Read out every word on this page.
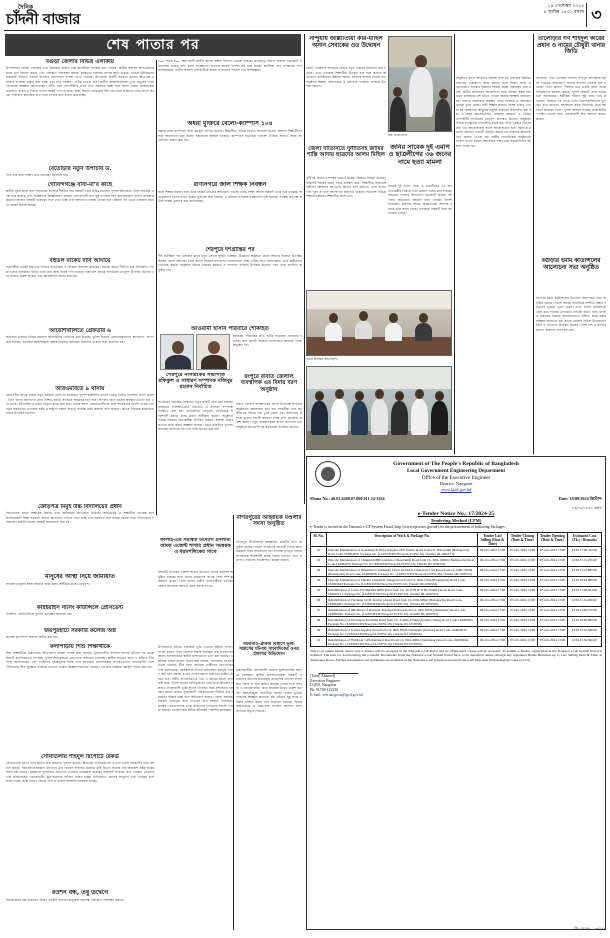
দৈনিক
চাঁদনী বাজার
১৯ সেপ্টেম্বর ২০২৪
৪ আশ্বিন ১৪৩১ বঙ্গাব্দ ৩
শেষ পাতার পর
বগুড়া জেলার বিভিন্ন এলাকায়
উপজেলার বিভিন্ন এলাকায় এবং নিম্নাঞ্চল প্লাবিত হয়ে জনজীবন বিপর্যস্ত হয়ে পড়েছে। স্থানীয় প্রশাসন ক্ষতিগ্রস্তদের মাঝে ত্রাণ বিতরণ করছে এবং পরিস্থিতি পর্যবেক্ষণ করছে। কৃষকদের ফসলের ব্যাপক ক্ষতি হয়েছে। বিভিন্ন ইউনিয়নের রাস্তাঘাট পানিতে তলিয়ে যাওয়ায় যোগাযোগ ব্যবস্থা ভেঙে পড়েছে। উপজেলা নির্বাহী কর্মকর্তা জানান ক্ষতিগ্রস্ত এলাকার তালিকা প্রস্তুত করা হচ্ছে এবং দ্রুত সহায়তা পৌঁছে দেওয়া হবে। স্থানীয় জনপ্রতিনিধিরা দুর্গত মানুষের পাশে দাঁড়ানোর আহ্বান জানিয়েছেন। নদীর পানি বিপদসীমার ওপর দিয়ে প্রবাহিত হচ্ছে বলে জানা গেছে। আশ্রয়কেন্দ্রগুলোতে খাবার ও বিশুদ্ধ পানির সংকট দেখা দিয়েছে। স্বাস্থ্য বিভাগ মেডিকেল টিম গঠন করে চিকিৎসা সেবা প্রদান করছে। পরিস্থিতি স্বাভাবিক হতে সময় লাগবে বলে ধারণা করা হচ্ছে।
বেতোড়ার নতুন উপাচার্য ড.
পরে তার সঙ্গে সাক্ষাৎ করে শুভেচ্ছা জানানো হয়।
গোবিন্দগঞ্জে বাবা-মা’র কাছে
স্থানীয় সূত্রে জানা যায় পরিবারের সদস্যরা দীর্ঘদিন ধরে বিষয়টি নিয়ে উদ্বিগ্ন ছিলেন। পুলিশ ঘটনাস্থলে গিয়ে প্রাথমিক তদন্ত শুরু করেছে এবং সংশ্লিষ্টদের জিজ্ঞাসাবাদ করছে। এলাকাবাসী দ্রুত সুষ্ঠু তদন্তের দাবি জানিয়েছেন। থানার ভারপ্রাপ্ত কর্মকর্তা জানান বিষয়টি গুরুত্বের সঙ্গে দেখা হচ্ছে এবং আইনগত ব্যবস্থা নেওয়া হবে। ঘটনার পর থেকে এলাকায় থমথমে অবস্থা বিরাজ করছে।
বহুতল মার্কেট দাবি আদায়ে
ব্যবসায়ীরা মার্কেট নির্মাণের দাবিতে মানববন্ধন ও বিক্ষোভ সমাবেশ করেছেন। বক্তারা বলেন দীর্ঘদিন ধরে প্রতিশ্রুতি দেওয়া হলেও বাস্তবায়ন হয়নি। তারা দ্রুত কাজ শুরুর দাবি জানান। সমাবেশে বিভিন্ন সংগঠনের নেতৃবৃন্দ উপস্থিত ছিলেন এবং সংহতি প্রকাশ করেন। পরে স্মারকলিপি প্রদান করা হয়।
আয়েশিখালিতে গ্রেফতার ৬
অভিযান চালিয়ে বিভিন্ন মামলার আসামিদের গ্রেফতার করা হয়েছে। পুলিশ জানায় গ্রেফতারকৃতদের আদালতে সোপর্দ করা হয়েছে। এলাকায় আইনশৃঙ্খলা রক্ষায় নিয়মিত অভিযান অব্যাহত থাকবে বলে জানানো হয়।
আরএমবিতে ৯ থানায়
মহানগরীর বিভিন্ন থানায় নতুন কর্মকর্তা যোগদান করেছেন। পুলিশ কমিশনার তাদের দায়িত্ব পালনে নির্দেশনা প্রদান করেন। তিনি বলেন জনগণের সেবা নিশ্চিত করতে সবাইকে আন্তরিক হতে হবে। অপরাধ দমনে কঠোর অবস্থান নেওয়া হবে এবং মাদক, চাঁদাবাজি ও সন্ত্রাস নির্মূলে কাজ করা হবে। থানায় আসা সেবাপ্রত্যাশীদের সঙ্গে সদাচরণের নির্দেশ দেওয়া হয়। নতুন কর্মকর্তারা এলাকার শান্তি ও শৃঙ্খলা বজায় রাখতে সর্বোচ্চ চেষ্টা করবেন বলে জানান। বিভিন্ন পর্যায়ের কর্মকর্তারা সভায় উপস্থিত ছিলেন।
ক্রোড়পত্র মিমুই উচ্চ বিদ্যালয়ের প্রধান
বিদ্যালয়ের প্রধান শিক্ষকের বিরুদ্ধে নানা অনিয়মের অভিযোগ উঠেছে। অভিভাবক ও শিক্ষার্থীরা তদন্তের দাবি জানিয়েছেন। শিক্ষা কর্মকর্তা জানান অভিযোগ খতিয়ে দেখা হচ্ছে এবং প্রমাণিত হলে ব্যবস্থা নেওয়া হবে। বিদ্যালয়ের পরিচালনা কমিটির সভায় বিষয়টি আলোচনা করা হয়।
মানুষের আস্থা নিয়ে জামায়াত
সাধারণ মানুষের আস্থা অর্জনে কাজ করার অঙ্গীকার করেন নেতৃবৃন্দ।
কাইইয়াইস নার্সিং কাউন্সিলে প্রেসিডেন্ট
নির্বাচিত প্রেসিডেন্টকে ফুলেল শুভেচ্ছা জানানো হয়।
জয়পুরহাটে সরকারি কলেজ অস্ত্র
কলেজ ক্যাম্পাসে অস্ত্রসহ আটক করা হয়।
কলাপাড়ায় শিশু শিক্ষার্থীকে
শিশু শিক্ষার্থীকে নির্যাতনের অভিযোগে মামলা দায়ের করা হয়েছে। ভুক্তভোগীর পরিবার জানায় ঘটনার পর থেকে শিশুটি মানসিকভাবে বিপর্যস্ত। পুলিশ অভিযুক্তকে গ্রেফতারে অভিযান চালাচ্ছে। স্থানীয় সচেতন মহল এ ঘটনার তীব্র নিন্দা জানিয়েছেন এবং দোষীদের দৃষ্টান্তমূলক শাস্তি দাবি করেছেন। মানবাধিকার সংগঠনগুলো পরিবারটির পাশে দাঁড়িয়েছে। শিশু সুরক্ষায় সবাইকে সচেতন হওয়ার আহ্বান জানানো হয়েছে। এলাকায় বিক্ষোভ কর্মসূচি পালন করা হয়।
সোনাতলায় শহিদুল রিপোর্টে রেকর্ড
সোনাতলায় বন্যার পানি কমতে শুরু করলেও দুর্ভোগ কমেনি। ক্ষতিগ্রস্ত পরিবারগুলো এখনো খোলা আকাশের নিচে বসবাস করছে। সরকারি-বেসরকারি উদ্যোগে ত্রাণ বিতরণ অব্যাহত রয়েছে। কৃষি বিভাগ জানায় প্রায় কয়েকশ হেক্টর জমির ফসল নষ্ট হয়েছে। কৃষকদের পুনর্বাসনে প্রণোদনা দেওয়ার পরিকল্পনা রয়েছে। রাস্তাঘাট সংস্কারে দ্রুত পদক্ষেপ নেওয়ার দাবি জানিয়েছেন এলাকাবাসী। স্কুল-কলেজে পাঠদান ব্যাহত হচ্ছে। পানিবাহিত রোগের প্রাদুর্ভাব দেখা দিয়েছে বলে জানা গেছে। স্বাস্থ্য বিভাগ বিশুদ্ধ পানি ও খাবার স্যালাইন সরবরাহ করছে।
রওশন বন্ধ, তবু উদ্বেগে
বিভিন্ন স্থানে বন্ধ থাকলেও উদ্বেগ কাটেনি সাধারণ মানুষের। কর্তৃপক্ষ পরিস্থিতি পর্যবেক্ষণ করছে।
৬০০ থেকে ৪০০ বছর বয়সী প্রাচীন স্থাপনা রক্ষায় উদ্যোগ নেওয়া হয়েছে। প্রত্নতত্ত্ব বিভাগ জানায় এলাকাটি ঐতিহাসিক গুরুত্ব বহন করে। সংরক্ষণের অভাবে অনেক নিদর্শন নষ্ট হয়ে যাচ্ছে। স্থানীয়রা দ্রুত সংস্কারের দাবি জানিয়েছেন। পর্যটন বিকাশে এলাকাটিকে কাজে লাগানোর পরামর্শ দেন বিশেষজ্ঞরা।
অধরা মুক্তিরে বেলো-ক্যাম্পাস ১০৪
বিশ্ববিদ্যালয় ক্যাম্পাসে নানা কর্মসূচি পালিত হয়েছে। শিক্ষার্থীরা বিভিন্ন দাবিতে সমাবেশ করেন। প্রশাসন শিক্ষার্থীদের সঙ্গে আলোচনা করে সমস্যা সমাধানের আশ্বাস দিয়েছে। ক্যাম্পাসে স্বাভাবিক পরিবেশ ফিরিয়ে আনতে সবার সহযোগিতা কামনা করা হয়।
রাণীনগরে জাল শিক্ষক নিবন্ধন
জাল শিক্ষক নিবন্ধন সনদ দিয়ে চাকরি নেওয়ার অভিযোগ পাওয়া গেছে। শিক্ষা অফিস বিষয়টি তদন্ত শুরু করেছে। অভিযুক্তদের বেতন-ভাতা বন্ধের সুপারিশ করা হয়েছে। এ ঘটনায় এলাকায় চাঞ্চল্যের সৃষ্টি হয়েছে। সংশ্লিষ্ট কর্তৃপক্ষ কঠোর ব্যবস্থা গ্রহণের কথা জানিয়েছে।
শেরপুরে দশগ্রাস্তির পর
দীর্ঘ প্রতীক্ষার পর এলাকার মানুষ নতুন সেবার সুবিধা পাচ্ছেন। উদ্বোধন অনুষ্ঠানে প্রধান অতিথি হিসেবে উপস্থিত ছিলেন জেলা প্রশাসক। তিনি বলেন সরকার জনগণের দোরগোড়ায় সেবা পৌঁছে দিতে বদ্ধপরিকর। এতে স্থানীয়দের ভোগান্তি কমবে। অনুষ্ঠানে বিভিন্ন দপ্তরের কর্মকর্তা ও গণ্যমান্য ব্যক্তিরা উপস্থিত ছিলেন। পরে দোয়া মাহফিল অনুষ্ঠিত হয়।
আওয়ামী হাসান পরিবারে শোকাহত
মরহুমের পরিবারের প্রতি গভীর সমবেদনা জানানো হয়েছে। তার বিদেহী আত্মার মাগফেরাত কামনায় দোয়া অনুষ্ঠিত হয়।
শেরপুরে নাগরিকের সভাপতি রফিকুল ও সাধারণ সম্পাদক নজিবুর রহমান নির্বাচিত
সংগঠনের দ্বিবার্ষিক সম্মেলনে নতুন কমিটি গঠন করা হয়েছে। সম্মেলনে সর্বসম্মতিক্রমে সভাপতি ও সাধারণ সম্পাদক নির্বাচিত করা হয়। নবনির্বাচিত নেতৃবৃন্দ সংগঠনকে শক্তিশালী করতে কাজ করার অঙ্গীকার করেন। অনুষ্ঠানে বিভিন্ন পর্যায়ের নেতাকর্মীরা উপস্থিত ছিলেন। বক্তারা ঐক্যবদ্ধভাবে কাজ করার আহ্বান জানান। নতুন কমিটিকে ফুলেল শুভেচ্ছা জানানো হয় এবং মিষ্টি বিতরণ করা হয়।
কালাই-এর সমন্বিত উদ্যোগ ইসলামী ব্যাংক এজেন্ট শাখার প্রধান সমন্বয়ক ও ধরমপলিকের সাথে
ইসলামী ব্যাংকের এজেন্ট শাখার উদ্যোগে গ্রাহক সমাবেশ অনুষ্ঠিত হয়েছে। শাখা প্রধান গ্রাহকদের বিভিন্ন সেবা সম্পর্কে অবহিত করেন। তিনি বলেন গ্রামীণ জনগোষ্ঠীকে ব্যাংকিং সেবার আওতায় আনতে কাজ করছে ব্যাংক।
রংপুরে রাবাত জেলাল ব্যবস্থাপক এর বিদায় বরণ অনুষ্ঠান
রাবাত জেলার ব্যবস্থাপকের বিদায় উপলক্ষে সংবর্ধনা অনুষ্ঠানের আয়োজন করা হয়। সহকর্মীরা তার কর্মজীবনের বিভিন্ন দিক তুলে ধরেন এবং অবদানের প্রশংসা করেন। বিদায়ী কর্মকর্তা সবার প্রতি কৃতজ্ঞতা প্রকাশ করেন। নতুন ব্যবস্থাপককে স্বাগত জানানো হয়। অনুষ্ঠানে বিভিন্ন শাখার কর্মকর্তারা উপস্থিত ছিলেন।
নাগরপুরের আহ্বায়ক মণ্ডলীর সদস্য অনুষ্ঠিত
নাগরপুর উপজেলায় আহ্বায়ক কমিটির সভা অনুষ্ঠিত হয়েছে। সভায় সংগঠনের আগামী দিনের কর্মপরিকল্পনা নিয়ে আলোচনা হয়। সদস্যরা তৃণমূল পর্যায়ে সংগঠনকে শক্তিশালী করার বিষয়ে মতামত দেন। সভাপতি সকলের সহযোগিতা কামনা করেন।
গফরগাঁও-ব্লাকমি বিশ্বাসে ভূমি-সন্ত্রাসের ঘটনায় সাংবাদিকের ওপর হামলার অভিযোগ
উপজেলার বিভিন্ন এলাকায় ভূমি দখলের ঘটনায় সংবাদ সংগ্রহ করতে গিয়ে হামলার শিকার হয়েছেন এক সাংবাদিক। আহত সাংবাদিককে স্থানীয় হাসপাতালে ভর্তি করা হয়েছে। এ ঘটনায় থানায় মামলা দায়ের করা হয়েছে। সাংবাদিক সংগঠনগুলো হামলার তীব্র নিন্দা জানিয়ে দোষীদের গ্রেফতারের দাবি জানিয়েছে। প্রেসক্লাবের সামনে মানববন্ধন কর্মসূচি পালন করা হয়। বক্তারা বলেন সাংবাদিকদের নিরাপত্তা নিশ্চিত করতে হবে। স্বাধীন সাংবাদিকতার পথে এ ধরনের হামলা বাধা সৃষ্টি করে। পুলিশ জানায় অভিযুক্তদের গ্রেফতারে অভিযান চলছে। এলাকাবাসী ভূমিদস্যুদের দৌরাত্ম্য বন্ধে প্রশাসনের হস্তক্ষেপ কামনা করেন। ভুক্তভোগী পরিবারগুলো দীর্ঘদিন ধরে হয়রানির শিকার হচ্ছে বলে অভিযোগ রয়েছে। জেলা প্রশাসক বিষয়টি গুরুত্বের সঙ্গে দেখবেন বলে আশ্বাস দিয়েছেন। সংশ্লিষ্ট দপ্তরগুলোকে তদন্ত প্রতিবেদন দাখিলের নির্দেশ দেওয়া হয়েছে। মানবাধিকার কর্মীরা ঘটনাস্থল পরিদর্শন করেছেন।
হামলাকারীরা প্রভাবশালী হওয়ায় ভুক্তভোগীরা আতঙ্কে রয়েছেন। স্থানীয় জনপ্রতিনিধিরা বিষয়টি সমাধানের উদ্যোগ নিয়েছেন। সাংবাদিক নেতারা বলেন দ্রুত বিচার না হলে কঠোর কর্মসূচি দেওয়া হবে। সম্প্রতি এ ধরনের ঘটনা বেড়ে যাওয়ায় উদ্বেগ প্রকাশ করা হয়। আইনশৃঙ্খলা বাহিনীকে আরও সক্রিয় ভূমিকা পালনের আহ্বান জানানো হয়। ঘটনার সুষ্ঠু তদন্ত ও বিচার নিশ্চিত করার দাবি জানানো হয়েছে। বিভিন্ন রাজনৈতিক ও সামাজিক সংগঠন হামলার নিন্দা জানিয়ে বিবৃতি দিয়েছে।
নান্দুয়ায় জাল্লাত্যিয়া কার-মাহিল অসান সেবাকের ওড উদ্বোধন
জেলা পরিষদের অর্থায়নে নির্মিত নতুন ভবনের উদ্বোধন করা হয়েছে। এতে এলাকার শিক্ষার্থীরা উপকৃত হবে বলে জানান অতিথিরা। প্রতিষ্ঠানের উন্নয়নে আরও বরাদ্দের আশ্বাস দেওয়া হয়। অনুষ্ঠানে শিক্ষক, অভিভাবক ও এলাকার গণ্যমান্য ব্যক্তিরা উপস্থিত ছিলেন।
জেলা বাতিনিতে দুর্নীতিসহ জামির শাস্তি আদায় ছাত্রদের আলম মিছিল
দুর্নীতির বিচার ও শাস্তির দাবিতে ছাত্ররা বিক্ষোভ মিছিল করেছে। মিছিলটি শহরের প্রধান সড়ক প্রদক্ষিণ করে। শিক্ষার্থীরা অবিলম্বে দায়ীদের আইনের আওতায় আনার দাবি জানান। তারা বলেন দাবি পূরণ না হলে আন্দোলন অব্যাহত থাকবে। সমাবেশে বিভিন্ন শিক্ষাপ্রতিষ্ঠানের শিক্ষার্থীরা অংশ নেন।
ছবি: সংবাদদাতা
জনির সাবেক দুই এমপি ও ছাত্রলীগের ৩৬ জনের নামে হত্যা মামলা
সাবেক দুই সংসদ সদস্য ও ছাত্রলীগের ৩৬ জন নেতাকর্মীর বিরুদ্ধে হত্যা মামলা দায়ের করা হয়েছে। নিহতের পরিবার আদালতে মামলাটি করেন। আদালত অভিযোগ আমলে নিয়ে তদন্তের নির্দেশ দিয়েছেন। মামলায় আরও অজ্ঞাতনামা আসামি রয়েছে বলে জানা গেছে। এলাকায় বিষয়টি নিয়ে আলোচনা চলছে।
সভায় উপস্থিত অতিথিবৃন্দ।
তালোড়ার গণ শহিদুল কারের প্রধান ও নামের চৌধুরী থানার জিডি
তালোড়া পৌর এলাকার বাসিন্দা শহিদুল ইসলামকে হুমকি দেওয়ার অভিযোগে থানায় সাধারণ ডায়েরি করা হয়েছে। তিনি জানান দীর্ঘদিন ধরে একটি মহল তাকে বিভিন্নভাবে হয়রানি করছে। পুলিশ বিষয়টি তদন্ত করছে বলে জানিয়েছে। স্থানীয়রা ঘটনার সুষ্ঠু তদন্ত দাবি করেছেন। জিডির পর থেকে তিনি নিরাপত্তাহীনতায় ভুগছেন বলে জানান। প্রশাসনের কাছে নিরাপত্তা চেয়ে আবেদন করেছেন তিনি। পুলিশ আশ্বাস দিয়েছে প্রয়োজনীয় পদক্ষেপ নেওয়া হবে। এলাকাবাসী দ্রুত সমাধান কামনা করেন।
বগুড়ার ইমাম কাউন্সিলের আলোচনা সভা অনুষ্ঠিত
বগুড়ায় ইমাম কাউন্সিলের উদ্যোগে আলোচনা সভা অনুষ্ঠিত হয়েছে। সভায় বক্তারা সামাজিক সম্প্রীতি রক্ষায় ইমামদের ভূমিকা তুলে ধরেন। তারা বলেন মসজিদকে কেন্দ্র করে সমাজে নৈতিকতা প্রতিষ্ঠা করতে হবে। মাদক ও সন্ত্রাসের বিরুদ্ধে জনসচেতনতা সৃষ্টিতে কাজ করার আহ্বান জানানো হয়। সভায় জেলার বিভিন্ন উপজেলার ইমাম ও খতিবগণ উপস্থিত ছিলেন। শেষে দেশ ও জাতির কল্যাণ কামনায় দোয়া করা হয়।
অনুষ্ঠানে প্রধান অতিথির বক্তব্যে বলা হয় এলাকার উন্নয়নে সকলকে একযোগে কাজ করতে হবে। শিক্ষা, স্বাস্থ্য ও যোগাযোগ ব্যবস্থার উন্নয়নে বিভিন্ন প্রকল্প বাস্তবায়ন করা হচ্ছে। স্থানীয় জনগণের সহযোগিতা ছাড়া উন্নয়ন সম্ভব নয়। তরুণ প্রজন্মকে দেশ গঠনে এগিয়ে আসার আহ্বান জানানো হয়। বক্তারা সামাজিক অবক্ষয় রোধে পরিবার ও সমাজের ভূমিকা তুলে ধরেন। নারী শিক্ষার প্রসারে বিশেষ গুরুত্ব দেওয়া হয়। কৃষকদের আধুনিক প্রযুক্তি ব্যবহারে উৎসাহিত করা হয়। এ সময় জনপ্রতিনিধি, সরকারি কর্মকর্তা ও বিভিন্ন পেশাজীবী সংগঠনের নেতৃবৃন্দ উপস্থিত ছিলেন। অনুষ্ঠানে বিভিন্ন সাংস্কৃতিক পরিবেশনা মঞ্চস্থ হয়। শেষে পুরস্কার বিতরণ করা হয়। আয়োজকরা সফল আয়োজনের জন্য সকলকে ধন্যবাদ জানান। পরবর্তী কর্মসূচি আরও বড় পরিসরে আয়োজনের ঘোষণা দেওয়া হয়। স্থানীয় সাংবাদিকরা অনুষ্ঠানের সংবাদ সংগ্রহ করেন। প্রশাসনের পক্ষ থেকে সহযোগিতার আশ্বাস দেওয়া হয়।
Government of The People's Republic of Bangladesh
Local Government Engineering Department
Office of the Executive Engineer
District: Naogaon
www.lged.gov.bd
Memo No.: 46.02.6400.07.000.011.24-3264	Date: 18/09/2024 খ্রিস্টাব্দ
০৩/০৬/১৪৩১ বঙ্গাব্দ
e-Tender Notice No.: 17/2024-25
Tendering Method (LTM)
e-Tender is invited in the National e-GP System Portal (http://www.eprocure.gov.bd) for the procurement of following Packages :
Sl. No.	Description of Work & Package No.	Tender Last Selling (Date & Time)	Tender Closing (Date & Time)	Tender Opening (Date & Time)	Estimated Cost (Tk.) / Remarks
01	Periodic Maintenance of Kodomgachi Haga-Panghat GPS-Sarkari Road from Ch. 00m-450m (Badalgachi) Road Code-164064079. Package No. (LGED/D/DS/Naog/24-25/PW-16). (Tender ID-1056573).	06-Oct-2024 17:00	07-Oct-2024 13:00	07-Oct-2024 13:00	LTM 17,99,352.00
02	Periodic Maintenance of Chakmil RHD-Gomhata Chhoolakhla Road from Ch. 00m-1800m (Badalgachi) Road Code-164064079 Package No. (LGED/D/DS/Naog/24-25/PW-16). (Tender ID-1056554).	06-Oct-2024 17:00	07-Oct-2024 13:00	07-Oct-2024 13:00	LTM 31,15,256.00
03	Periodic Maintenance of Balahhara Community Clinic-Kolaidan Chaibatari Coat Road from Ch. 00m-1300m (Badalgachi) Road Code-164064008. Package No. (LGED/D/DS/Naog/24-25/PW-16). (Tender ID-1056553).	06-Oct-2024 17:00	07-Oct-2024 13:00	07-Oct-2024 13:00	LTM 13,91,980.00
04	Periodic Maintenance of Dhokla Chaparkal Village Road from Ch. 00m-750m (Badalgachi) Road Code-164064043 Package No. (LGED/D/DS/Naog/24-25/PW-16). (Tender ID-1056554).	06-Oct-2024 17:00	07-Oct-2024 13:00	07-Oct-2024 13:00	LTM 18,43,988.00
05	Rehabilitation of Gobra UP-Bulduld RHD Road from Ch. 20-1078 & 3100-3100m (Atrai) Road Code-164032131. Package No. (LGED/D/DS/Naog/24-25/PW-16). (Tender ID-1056555).	06-Oct-2024 17:00	07-Oct-2024 13:00	07-Oct-2024 13:00	LTM 21,98,954.00
06	Rehabilitation of Patnakan GCM-Sewhat (Atrai) Road from Ch. 00m-900m (Badalgachi) Road Code-164064005. Package No. (LGED/D/DS/Naog/24-25/PW-16). (Tender ID-1056556).	06-Oct-2024 17:00	07-Oct-2024 13:00	07-Oct-2024 13:00	LTM 11,34,060.00
07	Rehabilitation of (Bichhon) of Dariapur-Katangachi Road from Ch. 00m-650m (Niamatpur) Road Code-164069026. Package No. (LGED/D/DS/Naog/24-25/PW-16). (Tender ID-1056557).	06-Oct-2024 17:00	07-Oct-2024 13:00	07-Oct-2024 13:00	LTM 14,99,070.00
08	Rehabilitation of Khosalpur-Pooladha Road from Ch. 3126m-4750m (Koinda village) Road Code-164069002. Package No. (LGED/D/DS/Naog/24-25/PW-16). (Tender ID-1056558).	06-Oct-2024 17:00	07-Oct-2024 13:00	07-Oct-2024 13:00	LTM 10,66,880.00
09	Rehabilitation of Kamal-Sapahar Road from Ch. 00m-850m Niamatpur (Koinda) Road Code-164069012. Package No. (LGED/D/DS/Naog/24-25/PW-16). (Tender ID-1056559).	06-Oct-2024 17:00	07-Oct-2024 13:00	07-Oct-2024 13:00	LTM 15,22,598.00
10	Rehabilitation of Habibpur GPS-Kaharkut Road from Ch. 00m-400m (Niamatpur) Road Code-164069024. Package No. (LGED/D/DS/Naog/24-25/PW-16). (Tender ID-1056560).	06-Oct-2024 17:00	07-Oct-2024 13:00	07-Oct-2024 13:00	LTM 23,58,300.00
This is an online tender where only e-Tender will be accepted in the National e-GP Portal and no offline/hard copies will be accepted. To submit e-Tender, registration in the National e-GP System Portal is required. The fees for downloading the e-Tender Documents from the National e-GP System Portal have to be deposited online through any registered Banks Branches up to Last Selling Date & Time as mentioned above. Further information and guidelines are available in the National e-GP system portal and from e-GP help desk (helpdesk@eprocure.gov.bd).
(Tofail Ahamed)
Executive Engineer
LGED, Naogaon
Ph: 01708-122230
E-mail: xen.naogaon@lged.gov.bd
জি.এম.নং- ১৩৫/২৪
